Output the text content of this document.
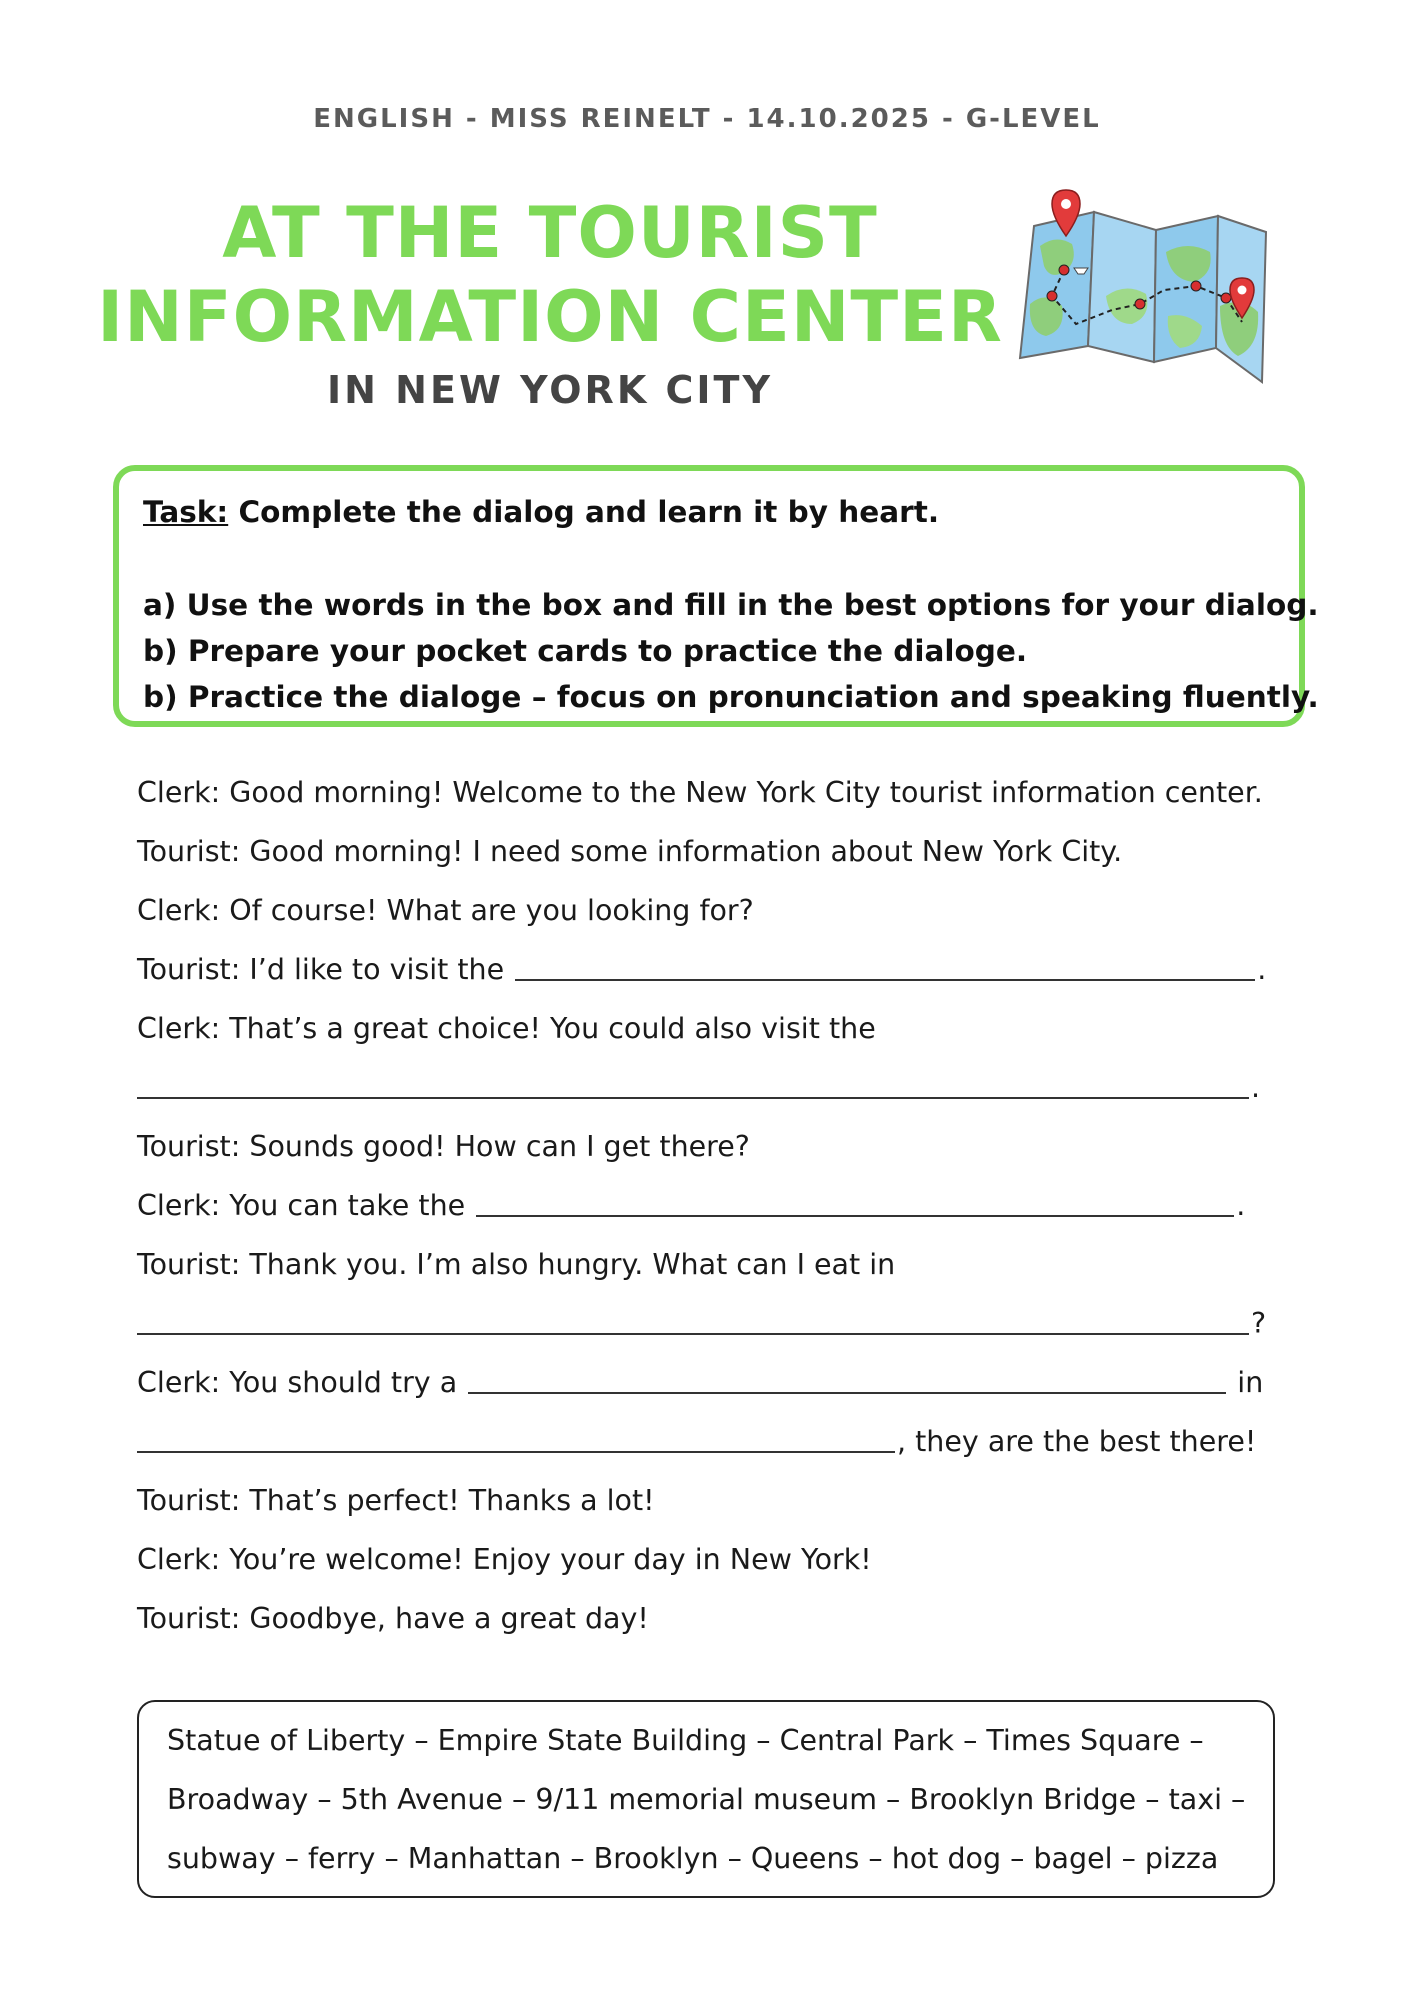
ENGLISH - MISS REINELT - 14.10.2025 - G-LEVEL
AT THE TOURIST
INFORMATION CENTER
IN NEW YORK CITY
Task: Complete the dialog and learn it by heart.
a) Use the words in the box and fill in the best options for your dialog.
b) Prepare your pocket cards to practice the dialoge.
b) Practice the dialoge – focus on pronunciation and speaking fluently.
Clerk: Good morning! Welcome to the New York City tourist information center.
Tourist: Good morning! I need some information about New York City.
Clerk: Of course! What are you looking for?
Tourist: I’d like to visit the	.
Clerk: That’s a great choice! You could also visit the
.
Tourist: Sounds good! How can I get there?
Clerk: You can take the	.
Tourist: Thank you. I’m also hungry. What can I eat in
?
Clerk: You should try a	in
, they are the best there!
Tourist: That’s perfect! Thanks a lot!
Clerk: You’re welcome! Enjoy your day in New York!
Tourist: Goodbye, have a great day!
Statue of Liberty – Empire State Building – Central Park – Times Square –
Broadway – 5th Avenue – 9/11 memorial museum – Brooklyn Bridge – taxi –
subway – ferry – Manhattan – Brooklyn – Queens – hot dog – bagel – pizza
